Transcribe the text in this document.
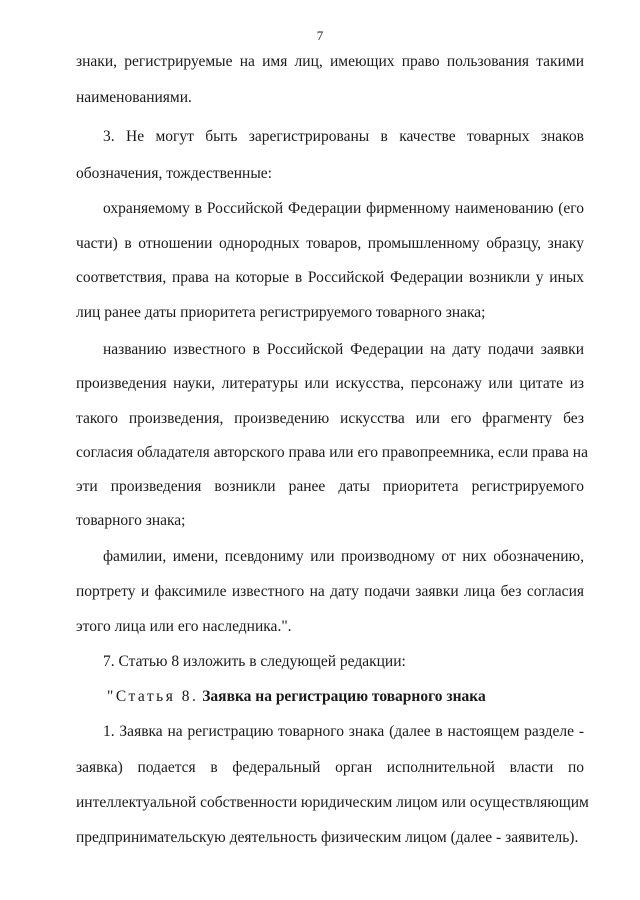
7
знаки, регистрируемые на имя лиц, имеющих право пользования такими
наименованиями.
3. Не могут быть зарегистрированы в качестве товарных знаков
обозначения, тождественные:
охраняемому в Российской Федерации фирменному наименованию (его
части) в отношении однородных товаров, промышленному образцу, знаку
соответствия, права на которые в Российской Федерации возникли у иных
лиц ранее даты приоритета регистрируемого товарного знака;
названию известного в Российской Федерации на дату подачи заявки
произведения науки, литературы или искусства, персонажу или цитате из
такого произведения, произведению искусства или его фрагменту без
согласия обладателя авторского права или его правопреемника, если права на
эти произведения возникли ранее даты приоритета регистрируемого
товарного знака;
фамилии, имени, псевдониму или производному от них обозначению,
портрету и факсимиле известного на дату подачи заявки лица без согласия
этого лица или его наследника.".
7. Статью 8 изложить в следующей редакции:
"Статья 8. Заявка на регистрацию товарного знака
1. Заявка на регистрацию товарного знака (далее в настоящем разделе -
заявка) подается в федеральный орган исполнительной власти по
интеллектуальной собственности юридическим лицом или осуществляющим
предпринимательскую деятельность физическим лицом (далее - заявитель).
